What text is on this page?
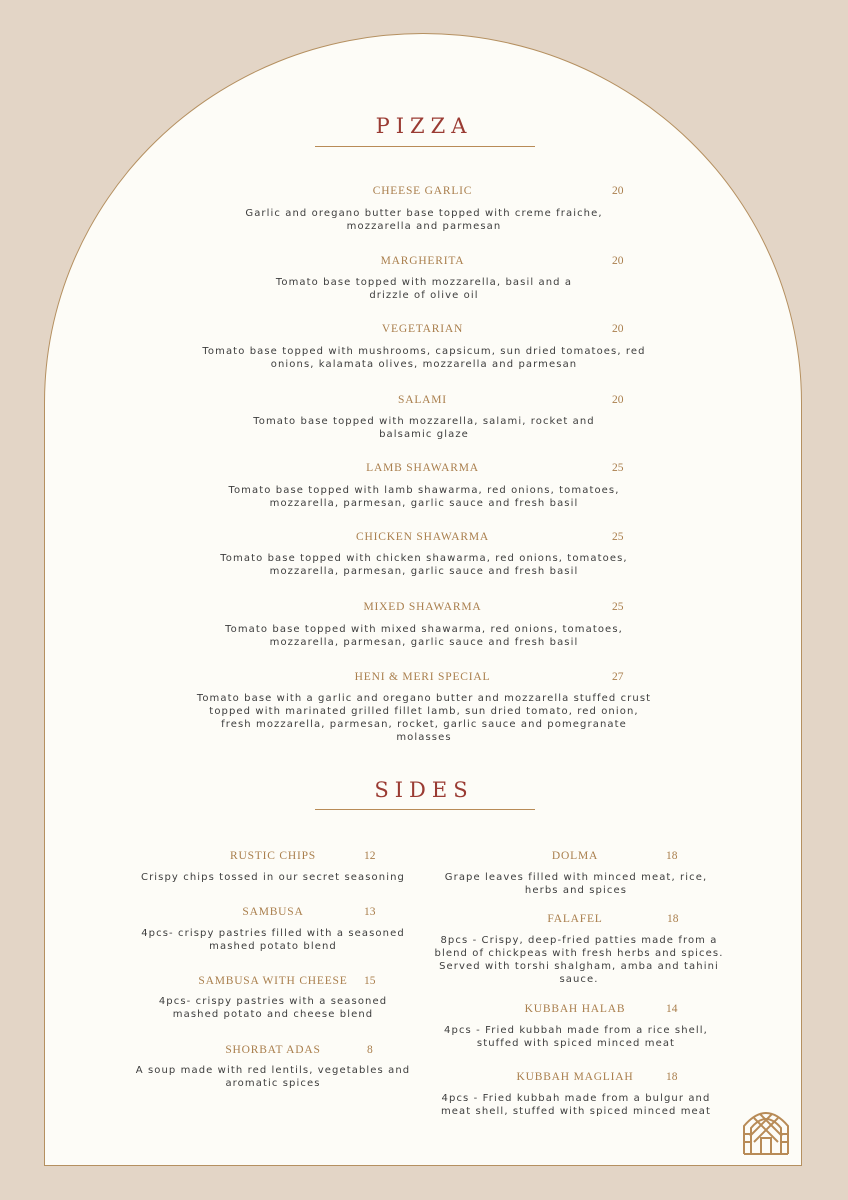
PIZZA
CHEESE GARLIC	20
Garlic and oregano butter base topped with creme fraiche, mozzarella and parmesan
MARGHERITA	20
Tomato base topped with mozzarella, basil and a drizzle of olive oil
VEGETARIAN	20
Tomato base topped with mushrooms, capsicum, sun dried tomatoes, red onions, kalamata olives, mozzarella and parmesan
SALAMI	20
Tomato base topped with mozzarella, salami, rocket and balsamic glaze
LAMB SHAWARMA	25
Tomato base topped with lamb shawarma, red onions, tomatoes, mozzarella, parmesan, garlic sauce and fresh basil
CHICKEN SHAWARMA	25
Tomato base topped with chicken shawarma, red onions, tomatoes, mozzarella, parmesan, garlic sauce and fresh basil
MIXED SHAWARMA	25
Tomato base topped with mixed shawarma, red onions, tomatoes, mozzarella, parmesan, garlic sauce and fresh basil
HENI & MERI SPECIAL	27
Tomato base with a garlic and oregano butter and mozzarella stuffed crust topped with marinated grilled fillet lamb, sun dried tomato, red onion, fresh mozzarella, parmesan, rocket, garlic sauce and pomegranate molasses
SIDES
RUSTIC CHIPS	12
Crispy chips tossed in our secret seasoning
SAMBUSA	13
4pcs- crispy pastries filled with a seasoned mashed potato blend
SAMBUSA WITH CHEESE	15
4pcs- crispy pastries with a seasoned mashed potato and cheese blend
SHORBAT ADAS	8
A soup made with red lentils, vegetables and aromatic spices
DOLMA	18
Grape leaves filled with minced meat, rice, herbs and spices
FALAFEL	18
8pcs - Crispy, deep-fried patties made from a blend of chickpeas with fresh herbs and spices. Served with torshi shalgham, amba and tahini sauce.
KUBBAH HALAB	14
4pcs - Fried kubbah made from a rice shell, stuffed with spiced minced meat
KUBBAH MAGLIAH	18
4pcs - Fried kubbah made from a bulgur and meat shell, stuffed with spiced minced meat
